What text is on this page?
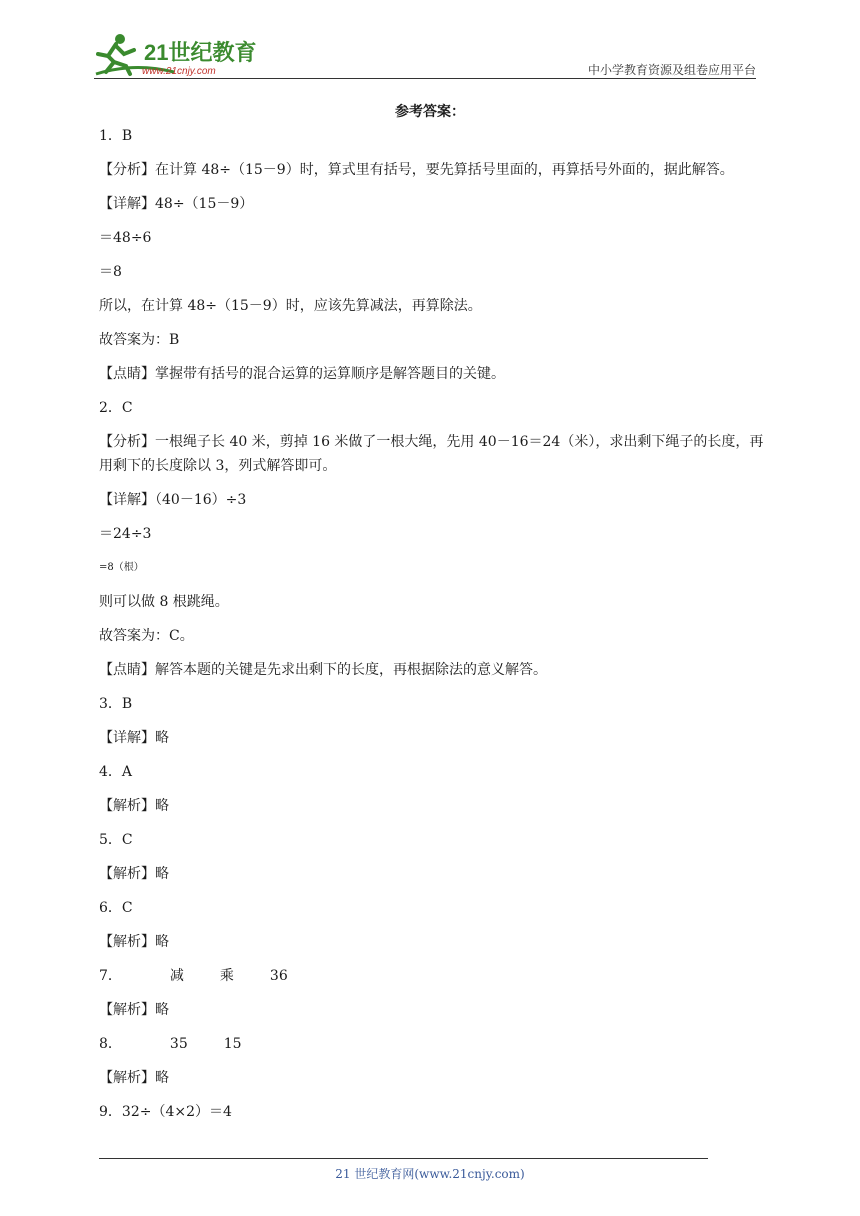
21世纪教育
www.21cnjy.com	中小学教育资源及组卷应用平台
参考答案：
1．B
【分析】在计算 48÷（15－9）时，算式里有括号，要先算括号里面的，再算括号外面的，据此解答。
【详解】48÷（15－9）
＝48÷6
＝8
所以，在计算 48÷（15－9）时，应该先算减法，再算除法。
故答案为：B
【点睛】掌握带有括号的混合运算的运算顺序是解答题目的关键。
2．C
【分析】一根绳子长 40 米，剪掉 16 米做了一根大绳，先用 40－16＝24（米），求出剩下绳子的长度，再用剩下的长度除以 3，列式解答即可。
【详解】（40－16）÷3
＝24÷3
=8（根）
则可以做 8 根跳绳。
故答案为：C。
【点睛】解答本题的关键是先求出剩下的长度，再根据除法的意义解答。
3．B
【详解】略
4．A
【解析】略
5．C
【解析】略
6．C
【解析】略
7．	减	乘	36
【解析】略
8．	35	15
【解析】略
9．32÷（4×2）＝4
21 世纪教育网(www.21cnjy.com)
